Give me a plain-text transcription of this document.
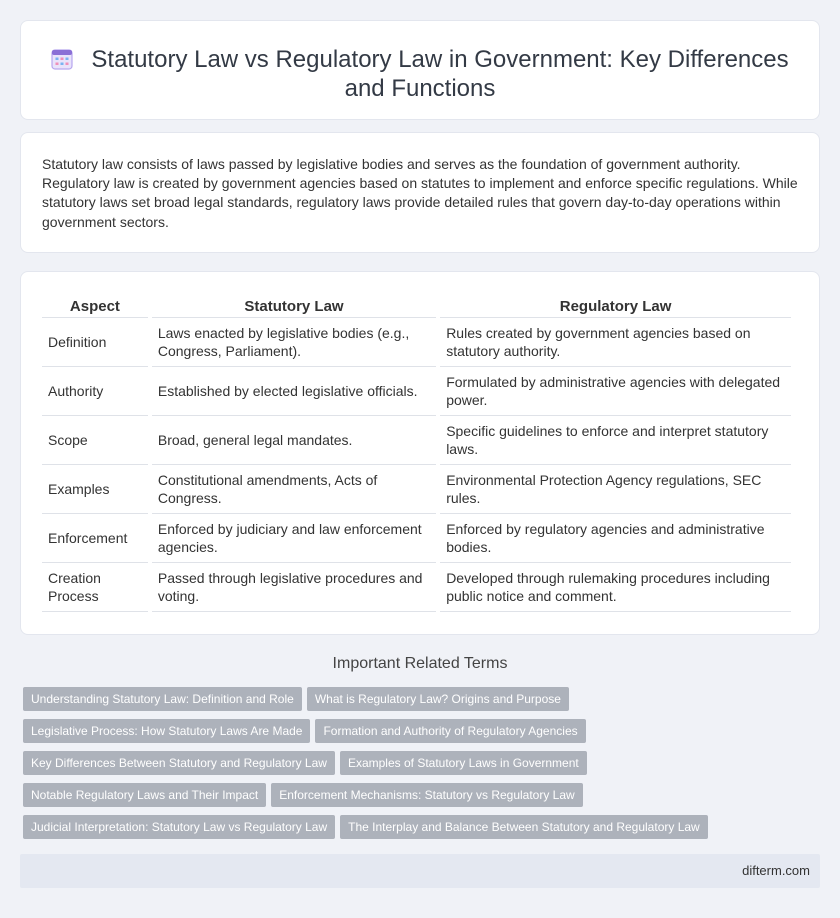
Statutory Law vs Regulatory Law in Government: Key Differences and Functions

Statutory law consists of laws passed by legislative bodies and serves as the foundation of government authority. Regulatory law is created by government agencies based on statutes to implement and enforce specific regulations. While statutory laws set broad legal standards, regulatory laws provide detailed rules that govern day-to-day operations within government sectors.

Aspect	Statutory Law	Regulatory Law
Definition	Laws enacted by legislative bodies (e.g., Congress, Parliament).	Rules created by government agencies based on statutory authority.
Authority	Established by elected legislative officials.	Formulated by administrative agencies with delegated power.
Scope	Broad, general legal mandates.	Specific guidelines to enforce and interpret statutory laws.
Examples	Constitutional amendments, Acts of Congress.	Environmental Protection Agency regulations, SEC rules.
Enforcement	Enforced by judiciary and law enforcement agencies.	Enforced by regulatory agencies and administrative bodies.
Creation Process	Passed through legislative procedures and voting.	Developed through rulemaking procedures including public notice and comment.
Important Related Terms
Understanding Statutory Law: Definition and Role What is Regulatory Law? Origins and Purpose
Legislative Process: How Statutory Laws Are Made Formation and Authority of Regulatory Agencies
Key Differences Between Statutory and Regulatory Law Examples of Statutory Laws in Government
Notable Regulatory Laws and Their Impact Enforcement Mechanisms: Statutory vs Regulatory Law
Judicial Interpretation: Statutory Law vs Regulatory Law The Interplay and Balance Between Statutory and Regulatory Law
difterm.com
